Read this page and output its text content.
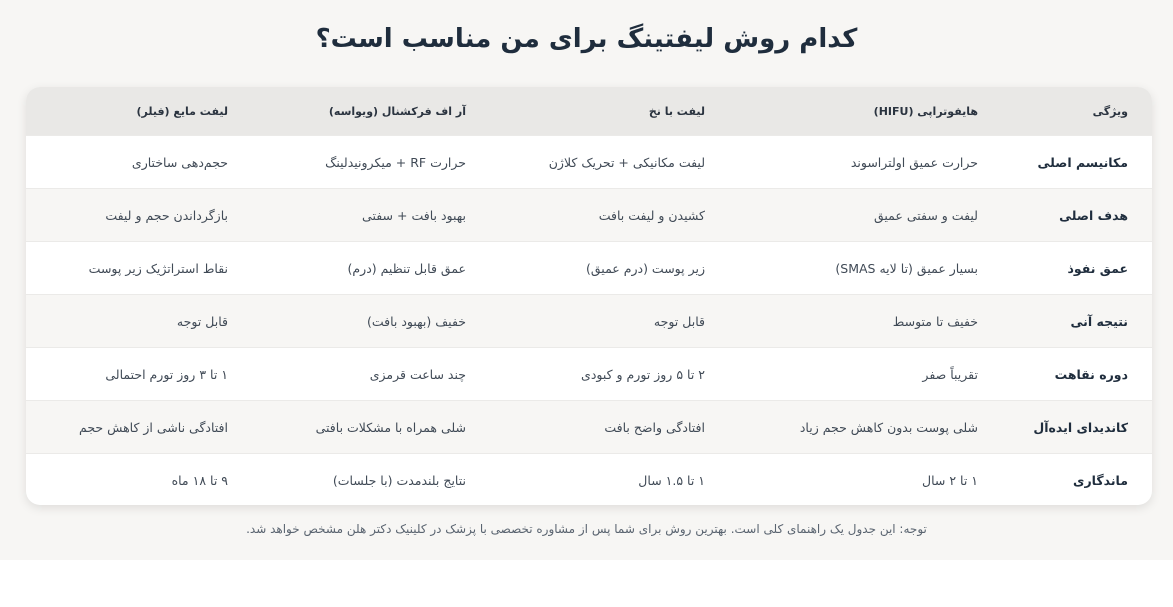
کدام روش لیفتینگ برای من مناسب است؟
ویژگی	هایفوتراپی (HIFU)	لیفت با نخ	آر اف فرکشنال (ویواسه)	لیفت مایع (فیلر)
مکانیسم اصلی	حرارت عمیق اولتراسوند	لیفت مکانیکی + تحریک کلاژن	حرارت RF + میکرونیدلینگ	حجم‌دهی ساختاری
هدف اصلی	لیفت و سفتی عمیق	کشیدن و لیفت بافت	بهبود بافت + سفتی	بازگرداندن حجم و لیفت
عمق نفوذ	بسیار عمیق (تا لایه SMAS)	زیر پوست (درم عمیق)	عمق قابل تنظیم (درم)	نقاط استراتژیک زیر پوست
نتیجه آنی	خفیف تا متوسط	قابل توجه	خفیف (بهبود بافت)	قابل توجه
دوره نقاهت	تقریباً صفر	۲ تا ۵ روز تورم و کبودی	چند ساعت قرمزی	۱ تا ۳ روز تورم احتمالی
کاندیدای ایده‌آل	شلی پوست بدون کاهش حجم زیاد	افتادگی واضح بافت	شلی همراه با مشکلات بافتی	افتادگی ناشی از کاهش حجم
ماندگاری	۱ تا ۲ سال	۱ تا ۱.۵ سال	نتایج بلندمدت (با جلسات)	۹ تا ۱۸ ماه

توجه: این جدول یک راهنمای کلی است. بهترین روش برای شما پس از مشاوره تخصصی با پزشک در کلینیک دکتر هلن مشخص خواهد شد.
